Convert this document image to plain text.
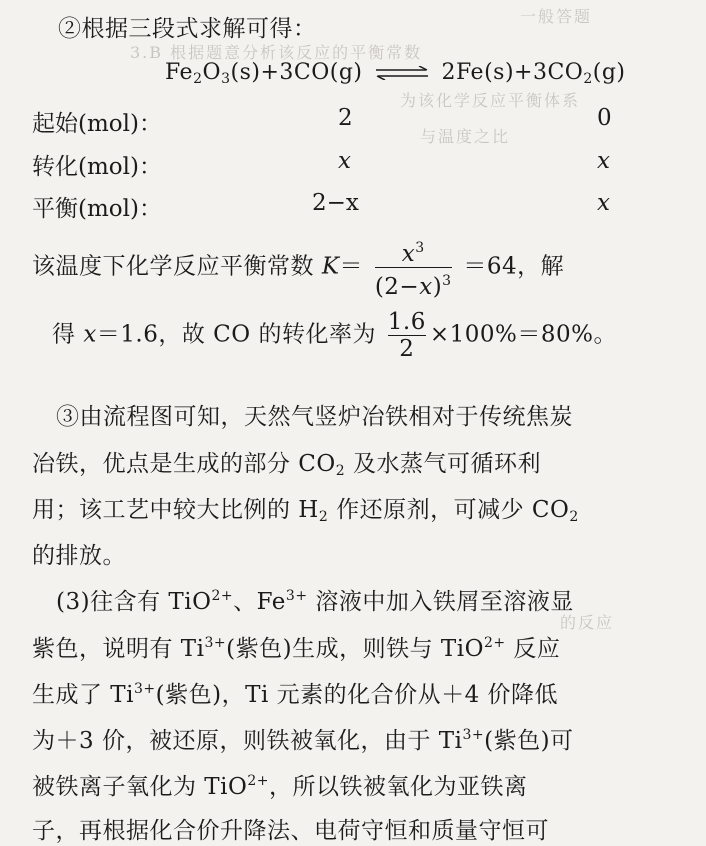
一般答题
3.B 根据题意分析该反应的平衡常数
为该化学反应平衡体系
与温度之比
的反应
②根据三段式求解可得：
$Fe_2O_3(s)+3CO(g)$ ⇌ $2Fe(s)+3CO_2(g)$
起始(mol)：	2	0
转化(mol)：	x	x
平衡(mol)：	2−x	x
该温度下化学反应平衡常数 $K= \frac{x^3}{(2-x)^3} =64$，解
得 x＝1.6，故 CO 的转化率为 $\frac{1.6}{2} \times 100\%=80\%$。
③由流程图可知，天然气竖炉冶铁相对于传统焦炭
冶铁，优点是生成的部分 $CO_2$ 及水蒸气可循环利
用；该工艺中较大比例的 $H_2$ 作还原剂，可减少 $CO_2$
的排放。
(3)往含有 TiO$^{2+}$、$Fe^{3+}$ 溶液中加入铁屑至溶液显
紫色，说明有 $Ti^{3+}$(紫色)生成，则铁与 TiO$^{2+}$ 反应
生成了 $Ti^{3+}$(紫色)，Ti 元素的化合价从＋4 价降低
为＋3 价，被还原，则铁被氧化，由于 $Ti^{3+}$(紫色)可
被铁离子氧化为 TiO$^{2+}$，所以铁被氧化为亚铁离
子，再根据化合价升降法、电荷守恒和质量守恒可
